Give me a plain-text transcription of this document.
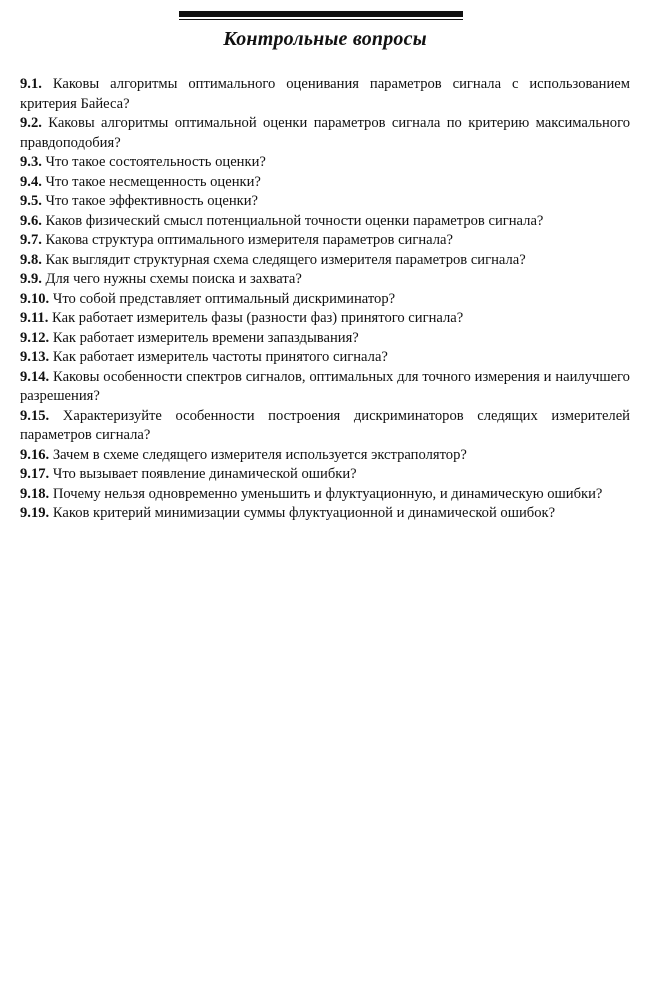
Контрольные вопросы

9.1. Каковы алгоритмы оптимального оценивания параметров сигнала с использованием критерия Байеса?

9.2. Каковы алгоритмы оптимальной оценки параметров сигнала по критерию максимального правдоподобия?

9.3. Что такое состоятельность оценки?

9.4. Что такое несмещенность оценки?

9.5. Что такое эффективность оценки?

9.6. Каков физический смысл потенциальной точности оценки параметров сигнала?

9.7. Какова структура оптимального измерителя параметров сигнала?

9.8. Как выглядит структурная схема следящего измерителя параметров сигнала?

9.9. Для чего нужны схемы поиска и захвата?

9.10. Что собой представляет оптимальный дискриминатор?

9.11. Как работает измеритель фазы (разности фаз) принятого сигнала?

9.12. Как работает измеритель времени запаздывания?

9.13. Как работает измеритель частоты принятого сигнала?

9.14. Каковы особенности спектров сигналов, оптимальных для точного измерения и наилучшего разрешения?

9.15. Характеризуйте особенности построения дискриминаторов следящих измерителей параметров сигнала?

9.16. Зачем в схеме следящего измерителя используется экстраполятор?

9.17. Что вызывает появление динамической ошибки?

9.18. Почему нельзя одновременно уменьшить и флуктуационную, и динамическую ошибки?

9.19. Каков критерий минимизации суммы флуктуационной и динамической ошибок?
